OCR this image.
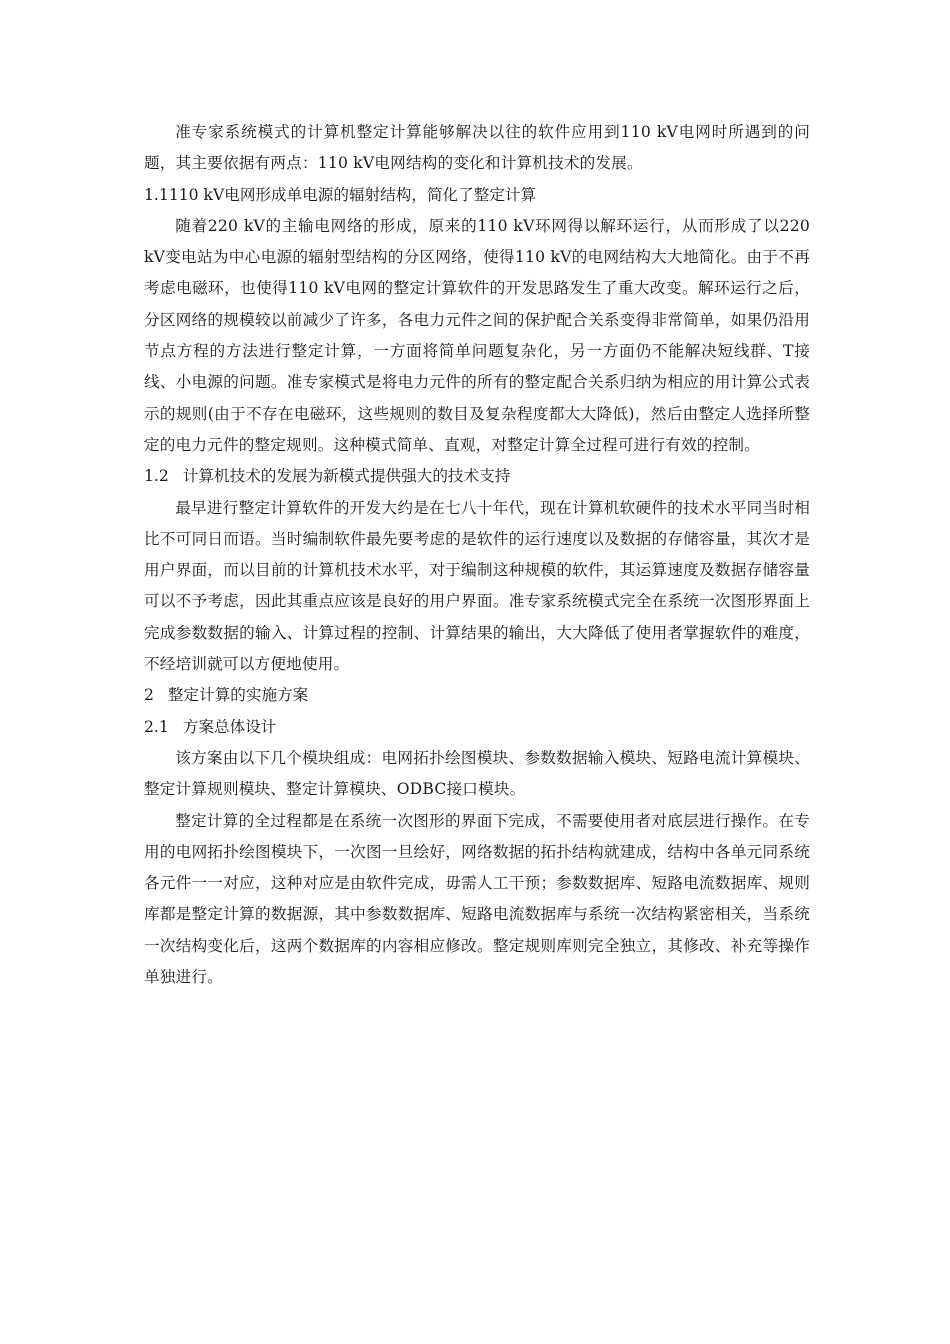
准专家系统模式的计算机整定计算能够解决以往的软件应用到110 kV电网时所遇到的问题，其主要依据有两点：110 kV电网结构的变化和计算机技术的发展。

1.1110 kV电网形成单电源的辐射结构，简化了整定计算

随着220 kV的主输电网络的形成，原来的110 kV环网得以解环运行，从而形成了以220 kV变电站为中心电源的辐射型结构的分区网络，使得110 kV的电网结构大大地简化。由于不再考虑电磁环，也使得110 kV电网的整定计算软件的开发思路发生了重大改变。解环运行之后，分区网络的规模较以前减少了许多，各电力元件之间的保护配合关系变得非常简单，如果仍沿用节点方程的方法进行整定计算，一方面将简单问题复杂化，另一方面仍不能解决短线群、T接线、小电源的问题。准专家模式是将电力元件的所有的整定配合关系归纳为相应的用计算公式表示的规则(由于不存在电磁环，这些规则的数目及复杂程度都大大降低)，然后由整定人选择所整定的电力元件的整定规则。这种模式简单、直观，对整定计算全过程可进行有效的控制。

1.2 计算机技术的发展为新模式提供强大的技术支持

最早进行整定计算软件的开发大约是在七八十年代，现在计算机软硬件的技术水平同当时相比不可同日而语。当时编制软件最先要考虑的是软件的运行速度以及数据的存储容量，其次才是用户界面，而以目前的计算机技术水平，对于编制这种规模的软件，其运算速度及数据存储容量可以不予考虑，因此其重点应该是良好的用户界面。准专家系统模式完全在系统一次图形界面上完成参数数据的输入、计算过程的控制、计算结果的输出，大大降低了使用者掌握软件的难度，不经培训就可以方便地使用。

2 整定计算的实施方案

2.1 方案总体设计

该方案由以下几个模块组成：电网拓扑绘图模块、参数数据输入模块、短路电流计算模块、整定计算规则模块、整定计算模块、ODBC接口模块。

整定计算的全过程都是在系统一次图形的界面下完成，不需要使用者对底层进行操作。在专用的电网拓扑绘图模块下，一次图一旦绘好，网络数据的拓扑结构就建成，结构中各单元同系统各元件一一对应，这种对应是由软件完成，毋需人工干预；参数数据库、短路电流数据库、规则库都是整定计算的数据源，其中参数数据库、短路电流数据库与系统一次结构紧密相关，当系统一次结构变化后，这两个数据库的内容相应修改。整定规则库则完全独立，其修改、补充等操作单独进行。
